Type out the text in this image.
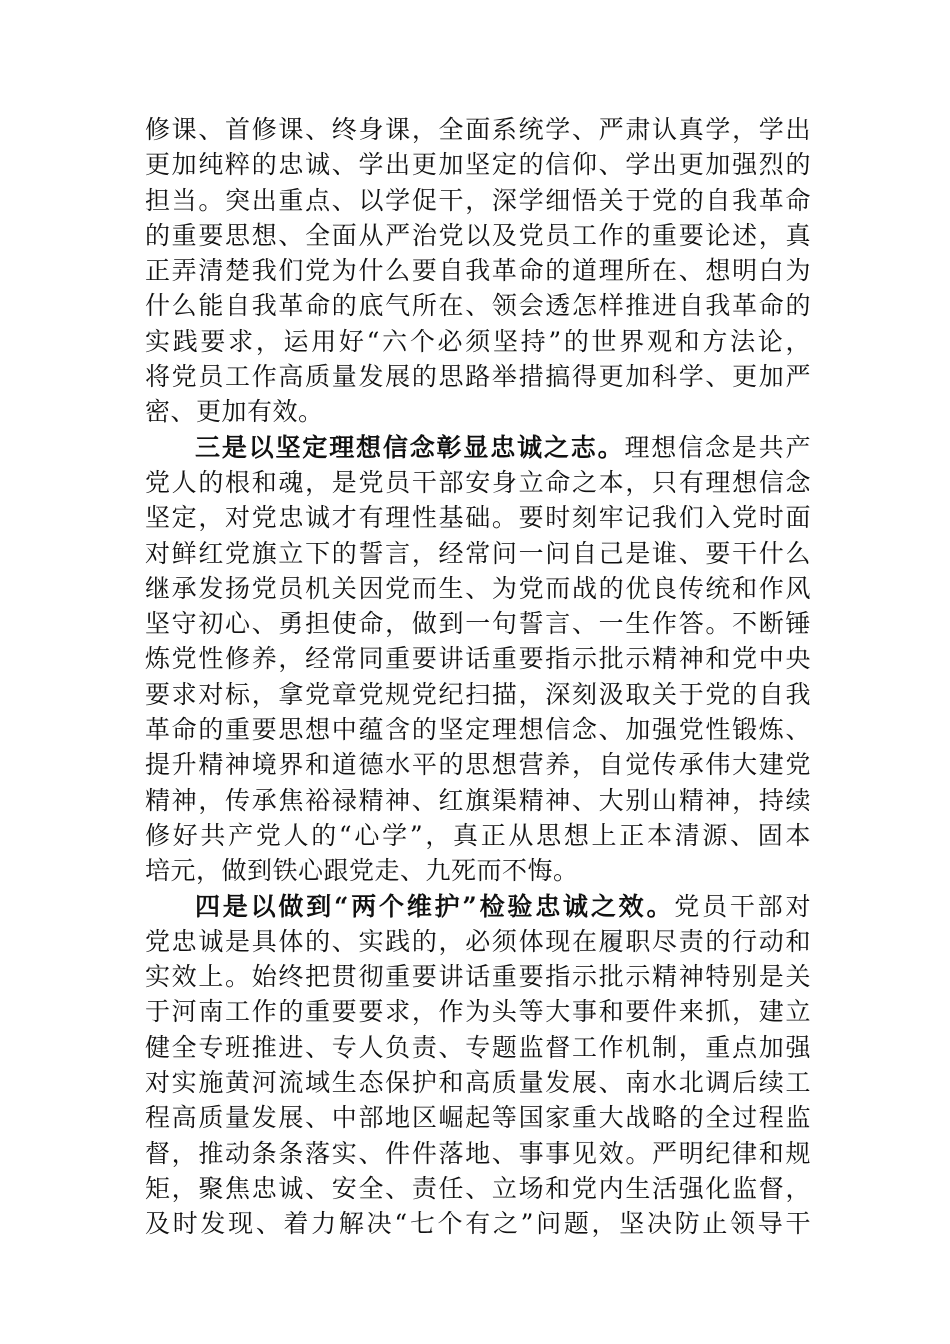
修课、首修课、终身课，全面系统学、严肃认真学，学出
更加纯粹的忠诚、学出更加坚定的信仰、学出更加强烈的
担当。突出重点、以学促干，深学细悟关于党的自我革命
的重要思想、全面从严治党以及党员工作的重要论述，真
正弄清楚我们党为什么要自我革命的道理所在、想明白为
什么能自我革命的底气所在、领会透怎样推进自我革命的
实践要求，运用好“六个必须坚持”的世界观和方法论，
将党员工作高质量发展的思路举措搞得更加科学、更加严
密、更加有效。
三是以坚定理想信念彰显忠诚之志。理想信念是共产
党人的根和魂，是党员干部安身立命之本，只有理想信念
坚定，对党忠诚才有理性基础。要时刻牢记我们入党时面
对鲜红党旗立下的誓言，经常问一问自己是谁、要干什么
继承发扬党员机关因党而生、为党而战的优良传统和作风
坚守初心、勇担使命，做到一句誓言、一生作答。不断锤
炼党性修养，经常同重要讲话重要指示批示精神和党中央
要求对标，拿党章党规党纪扫描，深刻汲取关于党的自我
革命的重要思想中蕴含的坚定理想信念、加强党性锻炼、
提升精神境界和道德水平的思想营养，自觉传承伟大建党
精神，传承焦裕禄精神、红旗渠精神、大别山精神，持续
修好共产党人的“心学”，真正从思想上正本清源、固本
培元，做到铁心跟党走、九死而不悔。
四是以做到“两个维护”检验忠诚之效。党员干部对
党忠诚是具体的、实践的，必须体现在履职尽责的行动和
实效上。始终把贯彻重要讲话重要指示批示精神特别是关
于河南工作的重要要求，作为头等大事和要件来抓，建立
健全专班推进、专人负责、专题监督工作机制，重点加强
对实施黄河流域生态保护和高质量发展、南水北调后续工
程高质量发展、中部地区崛起等国家重大战略的全过程监
督，推动条条落实、件件落地、事事见效。严明纪律和规
矩，聚焦忠诚、安全、责任、立场和党内生活强化监督，
及时发现、着力解决“七个有之”问题，坚决防止领导干
